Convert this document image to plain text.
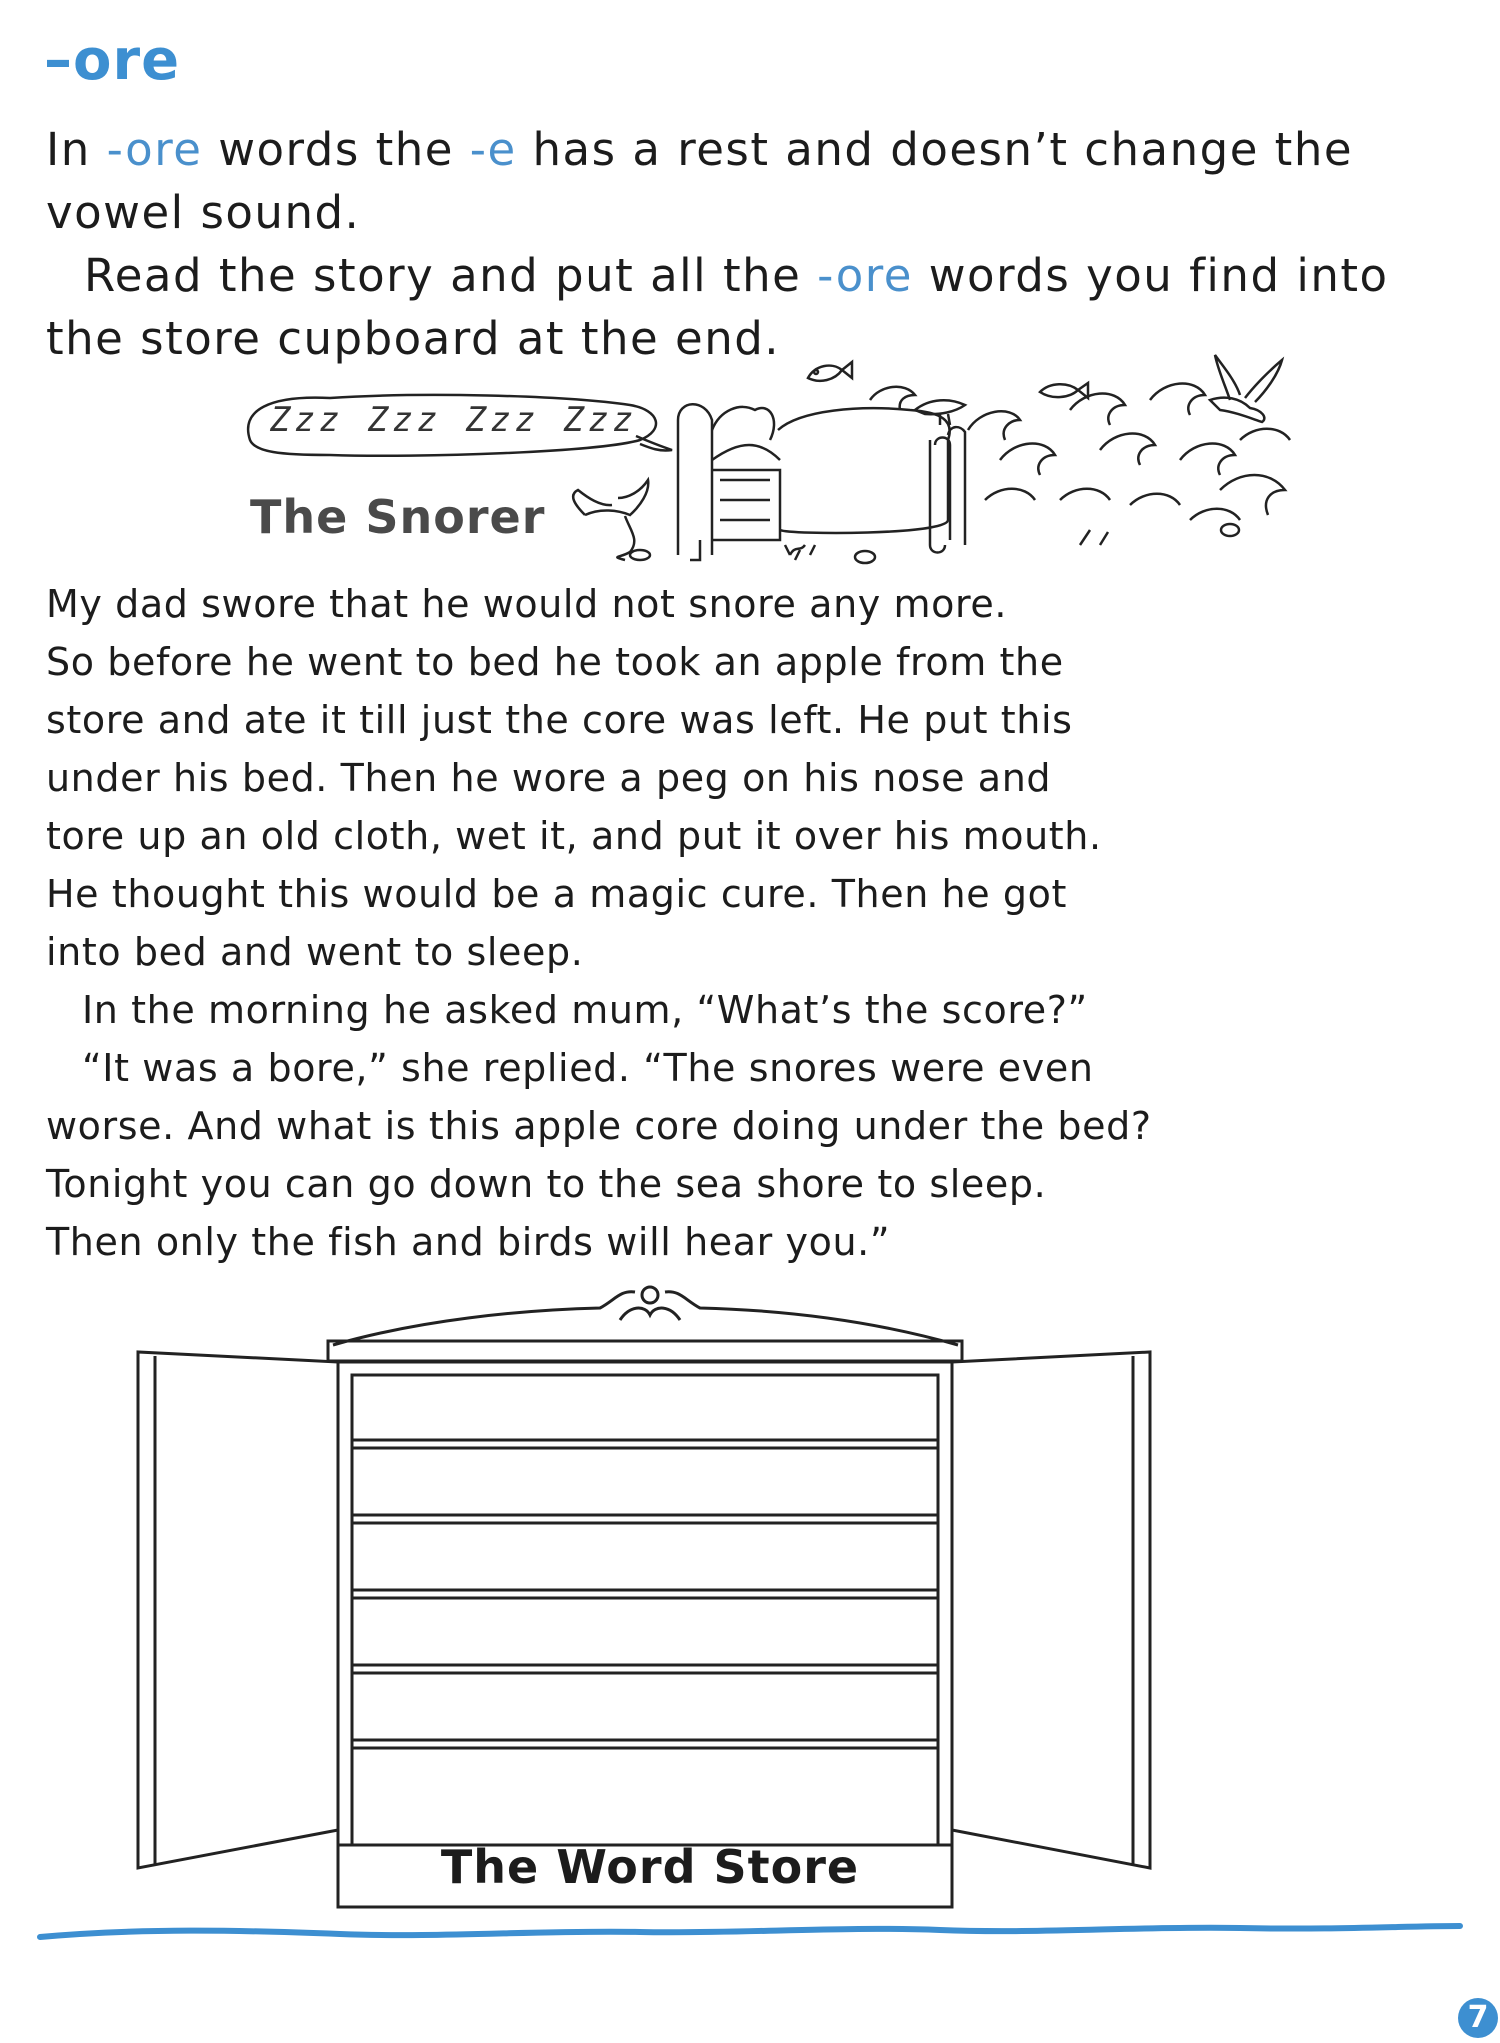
–ore

In -ore words the -e has a rest and doesn’t change the
vowel sound.

Read the story and put all the -ore words you find into
the store cupboard at the end.

Zzz Zzz Zzz Zzz
The Snorer

My dad swore that he would not snore any more.
So before he went to bed he took an apple from the
store and ate it till just the core was left. He put this
under his bed. Then he wore a peg on his nose and
tore up an old cloth, wet it, and put it over his mouth.
He thought this would be a magic cure. Then he got
into bed and went to sleep.
In the morning he asked mum, “What’s the score?”
“It was a bore,” she replied. “The snores were even
worse. And what is this apple core doing under the bed?
Tonight you can go down to the sea shore to sleep.
Then only the fish and birds will hear you.”

The Word Store
7
